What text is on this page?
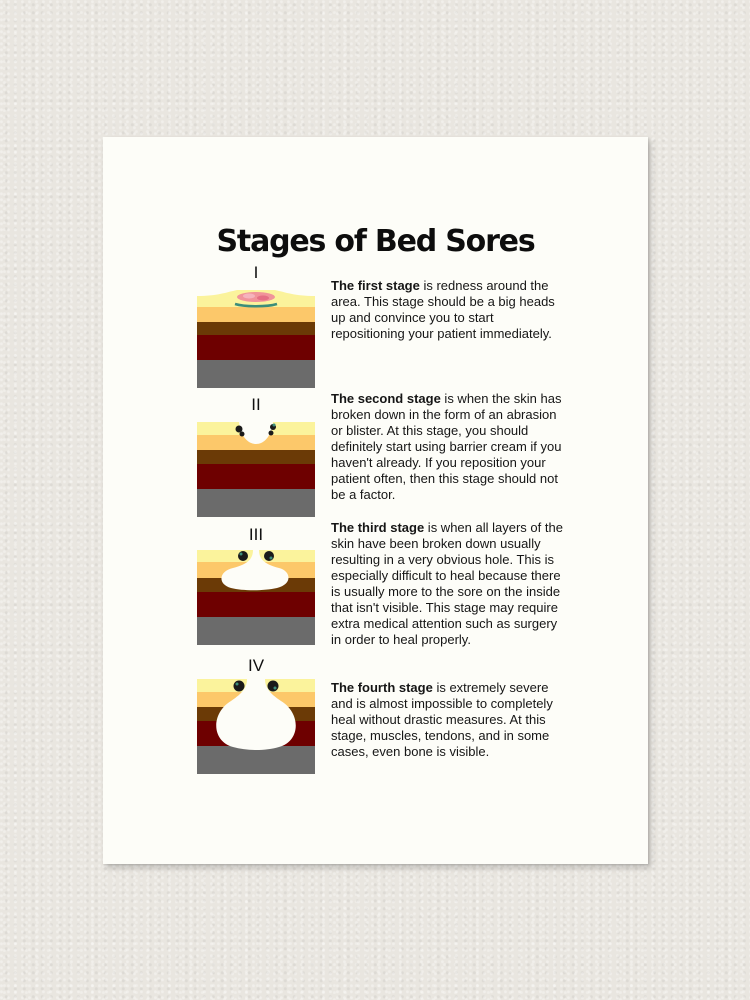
Stages of Bed Sores
I
The first stage is redness around the area. This stage should be a big heads up and convince you to start repositioning your patient immediately.
II	The second stage is when the skin has broken down in the form of an abrasion or blister. At this stage, you should definitely start using barrier cream if you haven't already. If you reposition your patient often, then this stage should not be a factor.
III	The third stage is when all layers of the skin have been broken down usually resulting in a very obvious hole. This is especially difficult to heal because there is usually more to the sore on the inside that isn't visible. This stage may require extra medical attention such as surgery in order to heal properly.
IV
The fourth stage is extremely severe and is almost impossible to completely heal without drastic measures. At this stage, muscles, tendons, and in some cases, even bone is visible.
